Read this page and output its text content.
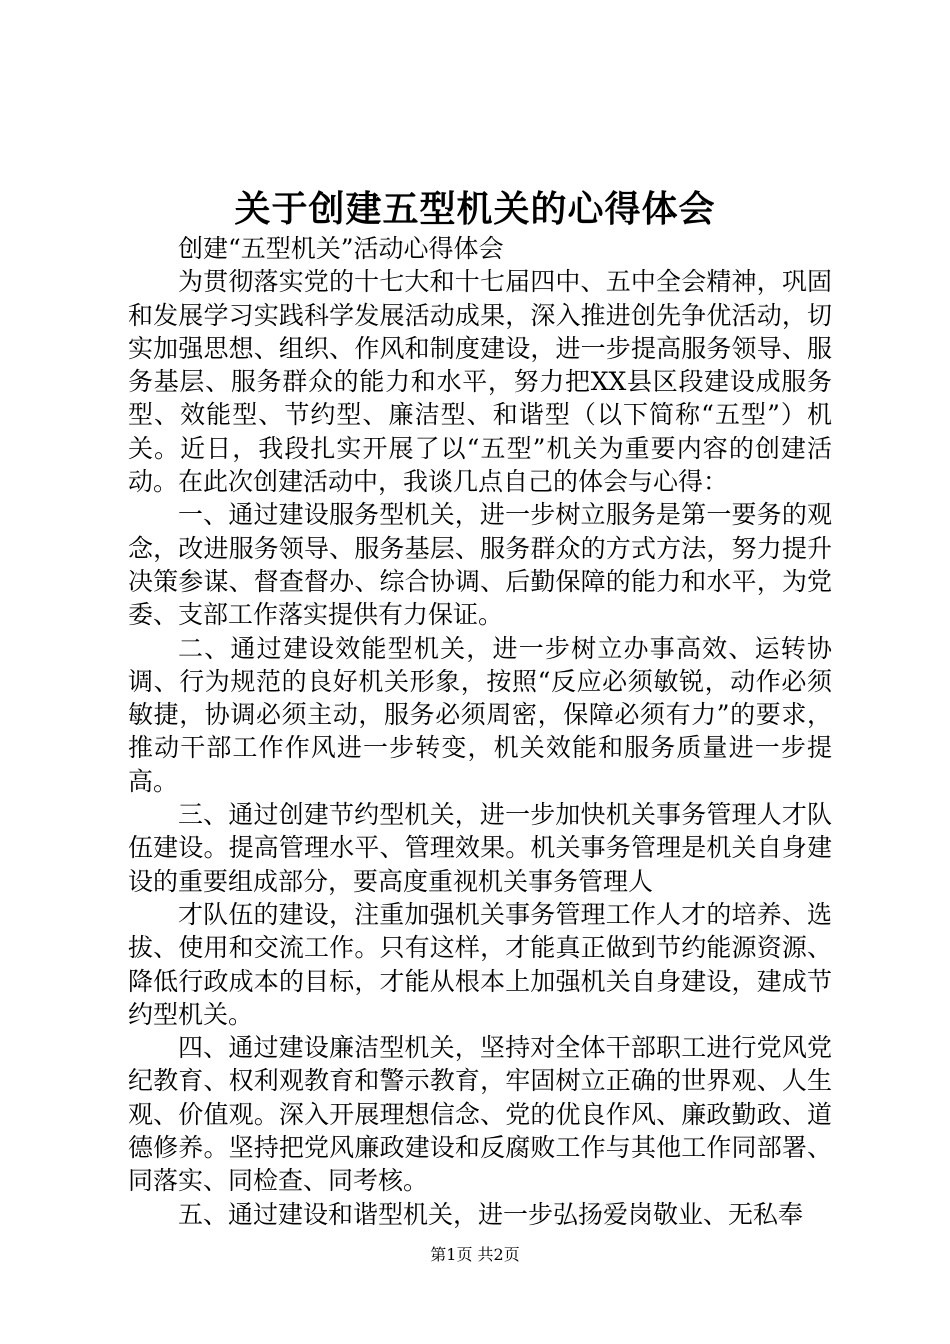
关于创建五型机关的心得体会

创建“五型机关”活动心得体会

为贯彻落实党的十七大和十七届四中、五中全会精神，巩固和发展学习实践科学发展活动成果，深入推进创先争优活动，切实加强思想、组织、作风和制度建设，进一步提高服务领导、服务基层、服务群众的能力和水平，努力把XX县区段建设成服务型、效能型、节约型、廉洁型、和谐型（以下简称“五型”）机关。近日，我段扎实开展了以“五型”机关为重要内容的创建活动。在此次创建活动中，我谈几点自己的体会与心得：

一、通过建设服务型机关，进一步树立服务是第一要务的观念，改进服务领导、服务基层、服务群众的方式方法，努力提升决策参谋、督查督办、综合协调、后勤保障的能力和水平，为党委、支部工作落实提供有力保证。

二、通过建设效能型机关，进一步树立办事高效、运转协调、行为规范的良好机关形象，按照“反应必须敏锐，动作必须敏捷，协调必须主动，服务必须周密，保障必须有力”的要求，推动干部工作作风进一步转变，机关效能和服务质量进一步提高。

三、通过创建节约型机关，进一步加快机关事务管理人才队伍建设。提高管理水平、管理效果。机关事务管理是机关自身建设的重要组成部分，要高度重视机关事务管理人

才队伍的建设，注重加强机关事务管理工作人才的培养、选拔、使用和交流工作。只有这样，才能真正做到节约能源资源、降低行政成本的目标，才能从根本上加强机关自身建设，建成节约型机关。

四、通过建设廉洁型机关，坚持对全体干部职工进行党风党纪教育、权利观教育和警示教育，牢固树立正确的世界观、人生观、价值观。深入开展理想信念、党的优良作风、廉政勤政、道德修养。坚持把党风廉政建设和反腐败工作与其他工作同部署、同落实、同检查、同考核。

五、通过建设和谐型机关，进一步弘扬爱岗敬业、无私奉

第1页 共2页
